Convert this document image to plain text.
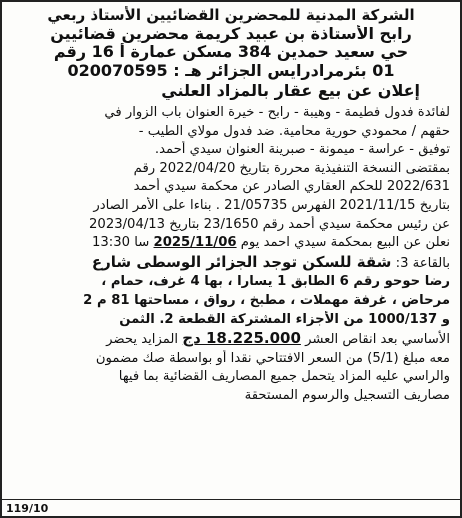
الشركة المدنية للمحضرين القضائيين الأستاذ ربعي
رابح الأستاذة بن عبيد كريمة محضرين قضائيين
حي سعيد حمدين 384 مسكن عمارة أ 16 رقم
01 بئرمرادرايس الجزائر هـ : 020070595
إعلان عن بيع عقار بالمزاد العلني
لفائدة فدول فطيمة - وهيبة - رابح - خيرة العنوان باب الزوار في
حقهم / محمودي حورية محامية. ضد فدول مولاي الطيب -
توفيق - عراسة - ميمونة - صبرينة العنوان سيدي أحمد.
بمقتضى النسخة التنفيذية محررة بتاريخ 2022/04/20 رقم
2022/631 للحكم العقاري الصادر عن محكمة سيدي أحمد
بتاريخ 2021/11/15 الفهرس 21/05735 . بناءا على الأمر الصادر
عن رئيس محكمة سيدي أحمد رقم 23/1650 بتاريخ 2023/04/13
نعلن عن البيع بمحكمة سيدي احمد يوم 2025/11/06 سا 13:30
بالقاعة 3: شقة للسكن توجد الجزائر الوسطى شارع
رضا حوحو رقم 6 الطابق 1 يسارا ، بها 4 غرف، حمام ،
مرحاض ، غرفة مهملات ، مطبخ ، رواق ، مساحتها 81 م 2
و 1000/137 من الأجزاء المشتركة القطعة 2. الثمن
الأساسي بعد انقاص العشر 18.225.000 دج المزايد يحضر
معه مبلغ (5/1) من السعر الافتتاحي نقدا أو بواسطة صك مضمون
والراسي عليه المزاد يتحمل جميع المصاريف القضائية بما فيها
مصاريف التسجيل والرسوم المستحقة
119/10
